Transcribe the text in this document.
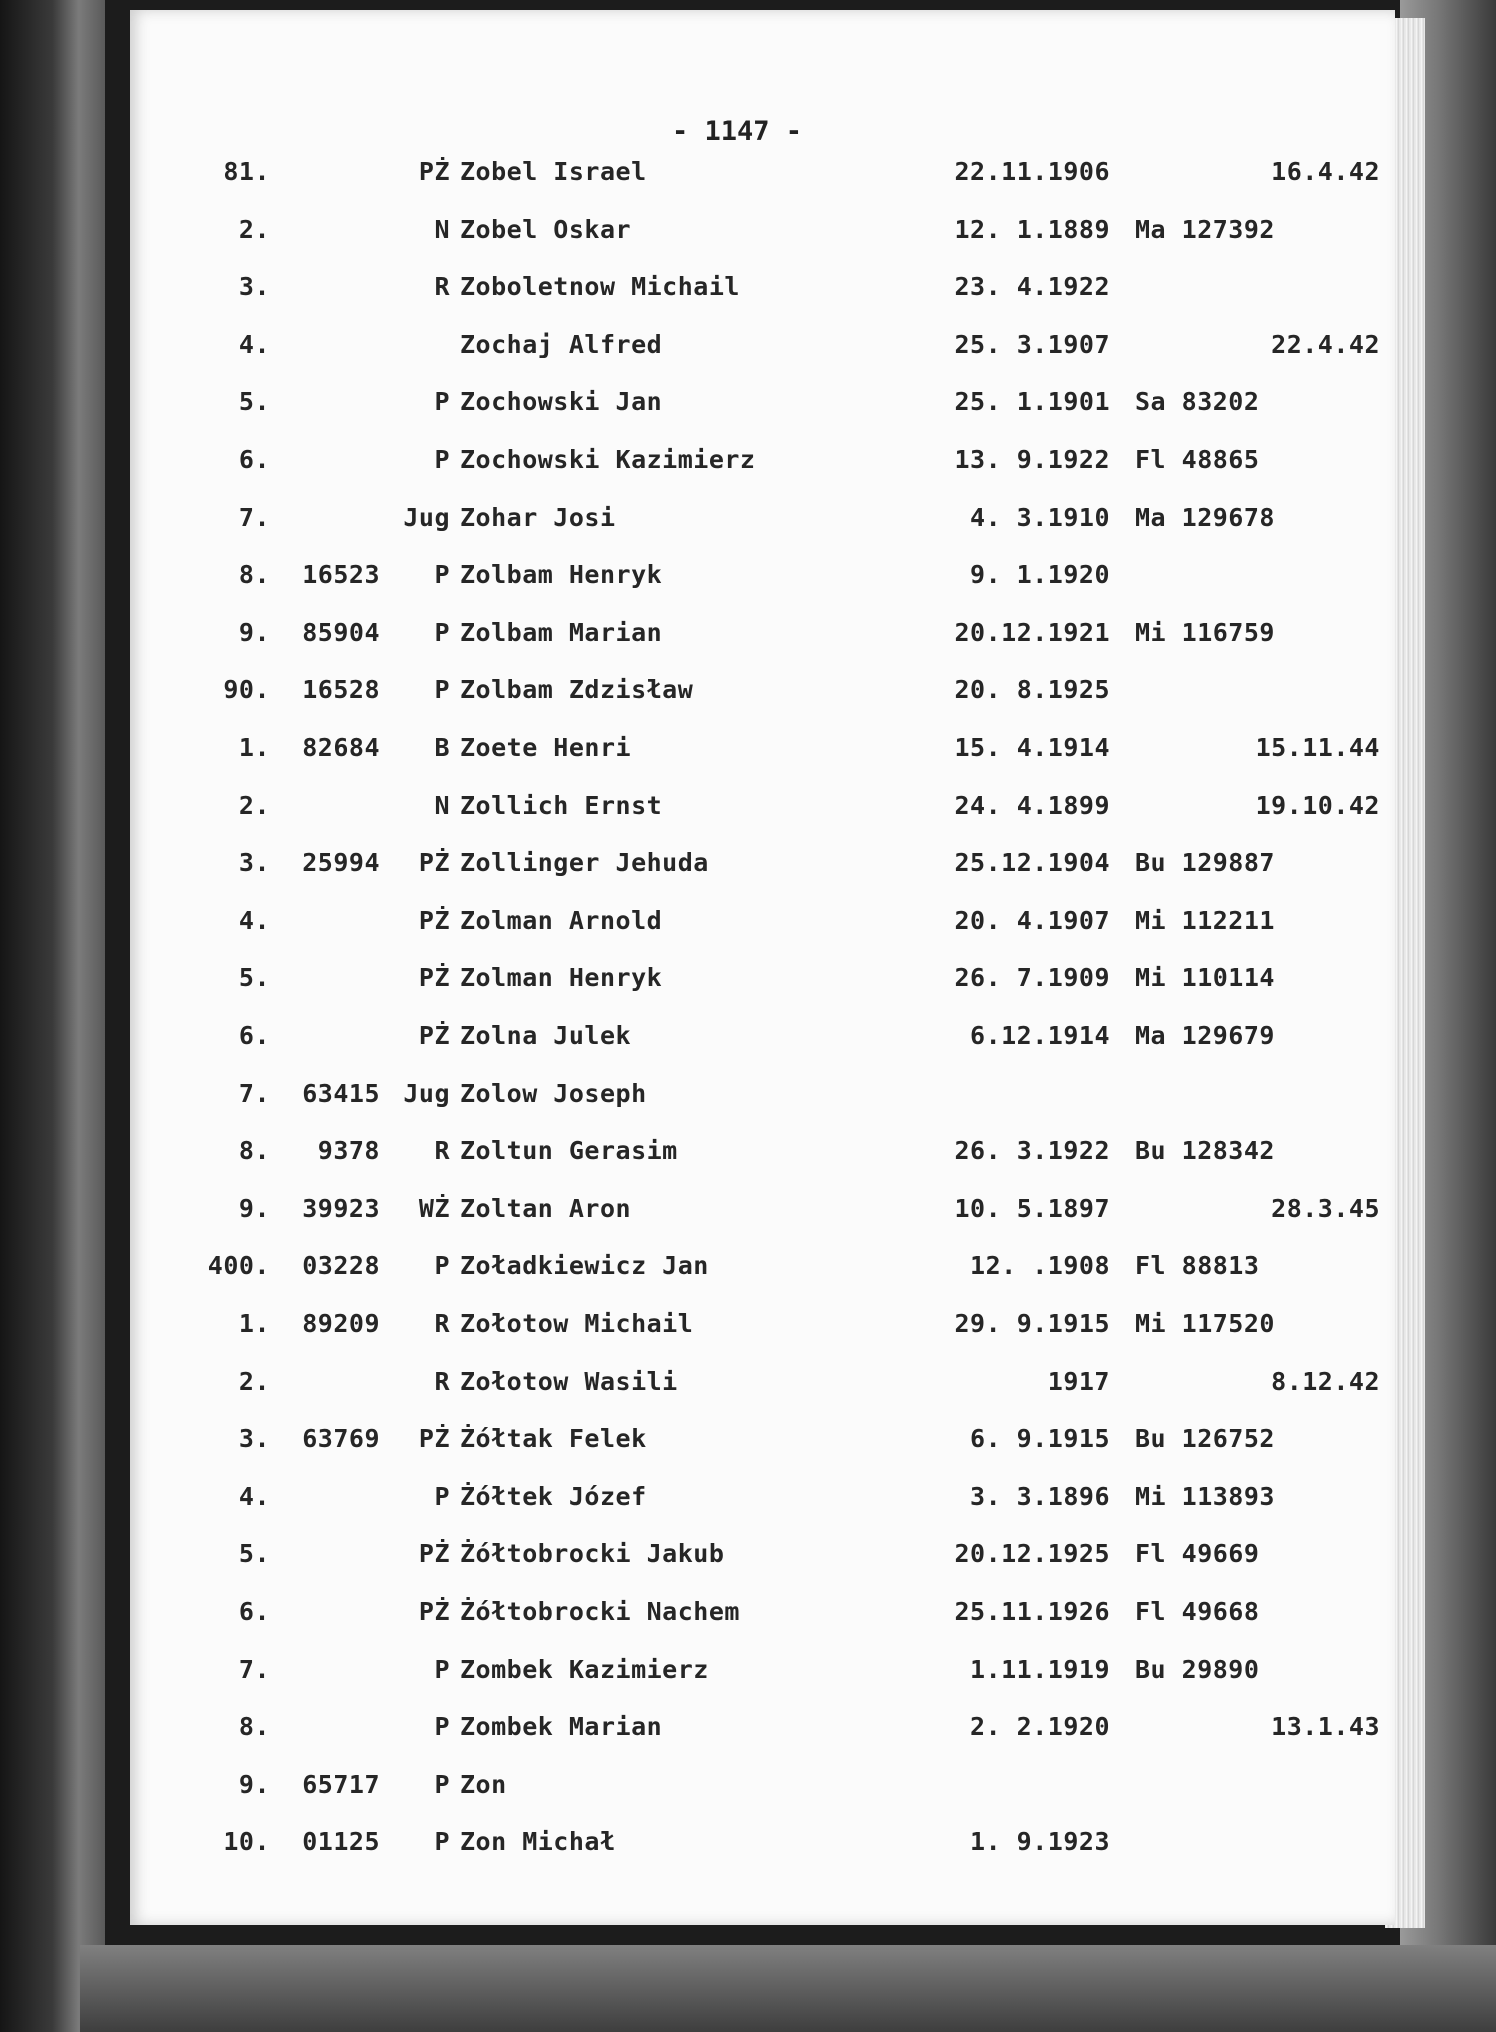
- 1147 -
81.	PŻ Zobel Israel	22.11.1906	16.4.42
2.	N Zobel Oskar	12. 1.1889 Ma 127392
3.	R Zoboletnow Michail	23. 4.1922
4.	Zochaj Alfred	25. 3.1907	22.4.42
5.	P Zochowski Jan	25. 1.1901 Sa 83202
6.	P Zochowski Kazimierz	13. 9.1922 Fl 48865
7.	Jug Zohar Josi	4. 3.1910 Ma 129678
8.	16523	P Zolbam Henryk	9. 1.1920
9.	85904	P Zolbam Marian	20.12.1921 Mi 116759
90.	16528	P Zolbam Zdzisław	20. 8.1925
1.	82684	B Zoete Henri	15. 4.1914	15.11.44
2.	N Zollich Ernst	24. 4.1899	19.10.42
3.	25994	PŻ Zollinger Jehuda	25.12.1904 Bu 129887
4.	PŻ Zolman Arnold	20. 4.1907 Mi 112211
5.	PŻ Zolman Henryk	26. 7.1909 Mi 110114
6.	PŻ Zolna Julek	6.12.1914 Ma 129679
7.	63415 Jug Zolow Joseph
8.	9378	R Zoltun Gerasim	26. 3.1922 Bu 128342
9.	39923	WŻ Zoltan Aron	10. 5.1897	28.3.45
400.	03228	P Zoładkiewicz Jan	12. .1908 Fl 88813
1.	89209	R Zołotow Michail	29. 9.1915 Mi 117520
2.	R Zołotow Wasili	1917	8.12.42
3.	63769	PŻ Żółtak Felek	6. 9.1915 Bu 126752
4.	P Żółtek Józef	3. 3.1896 Mi 113893
5.	PŻ Żółtobrocki Jakub	20.12.1925 Fl 49669
6.	PŻ Żółtobrocki Nachem	25.11.1926 Fl 49668
7.	P Zombek Kazimierz	1.11.1919 Bu 29890
8.	P Zombek Marian	2. 2.1920	13.1.43
9.	65717	P Zon
10.	01125	P Zon Michał	1. 9.1923
